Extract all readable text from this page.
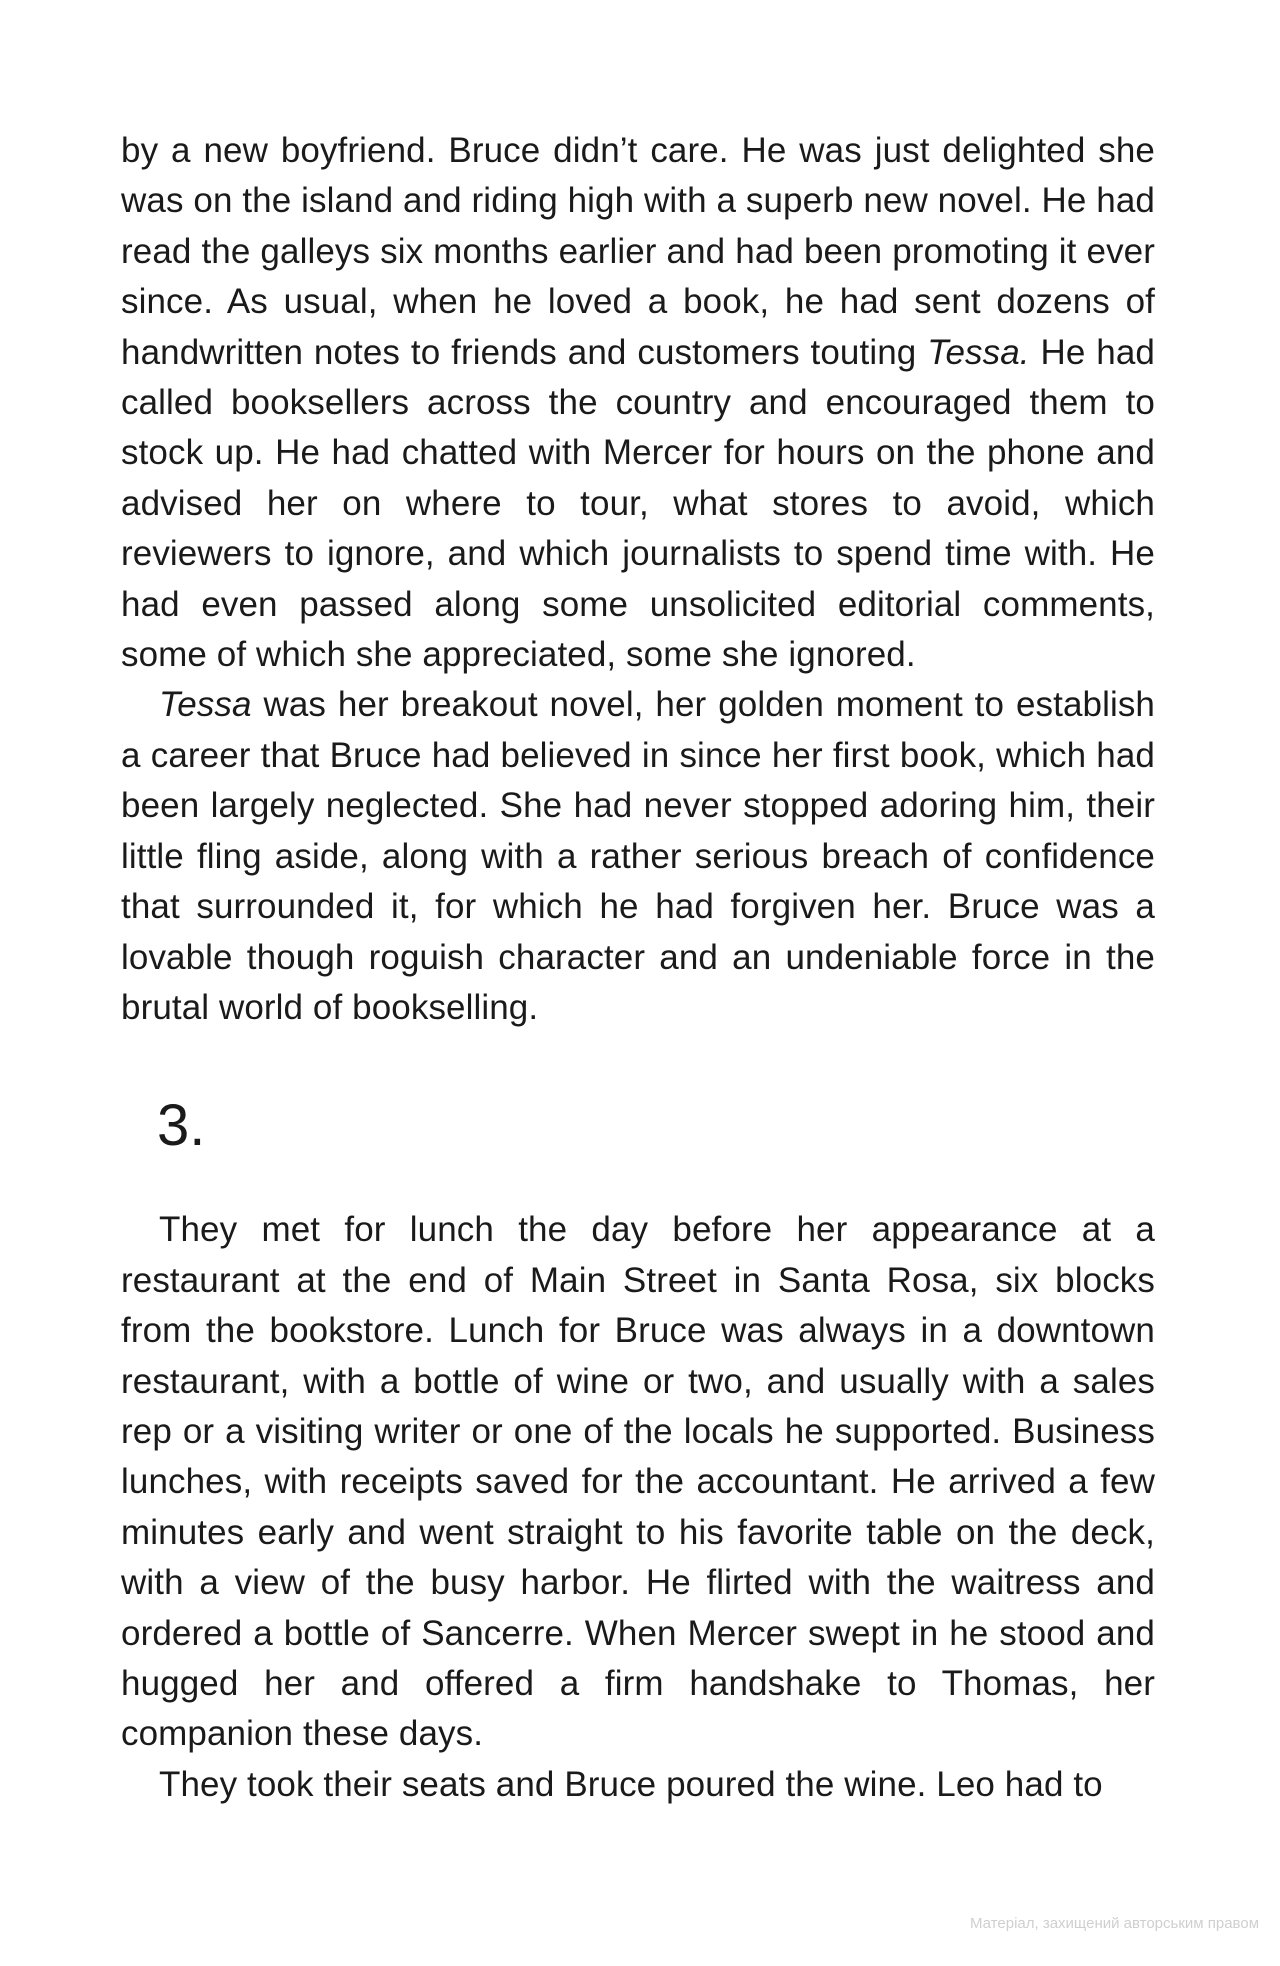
by a new boyfriend. Bruce didn’t care. He was just delighted she was on the island and riding high with a superb new novel. He had read the galleys six months earlier and had been promoting it ever since. As usual, when he loved a book, he had sent dozens of handwritten notes to friends and customers touting Tessa. He had called booksellers across the country and encouraged them to stock up. He had chatted with Mercer for hours on the phone and advised her on where to tour, what stores to avoid, which reviewers to ignore, and which journalists to spend time with. He had even passed along some unsolicited editorial comments, some of which she appreciated, some she ignored.

Tessa was her breakout novel, her golden moment to establish a career that Bruce had believed in since her first book, which had been largely neglected. She had never stopped adoring him, their little fling aside, along with a rather serious breach of confidence that surrounded it, for which he had forgiven her. Bruce was a lovable though roguish character and an undeniable force in the brutal world of bookselling.

3.

They met for lunch the day before her appearance at a restaurant at the end of Main Street in Santa Rosa, six blocks from the bookstore. Lunch for Bruce was always in a downtown restaurant, with a bottle of wine or two, and usually with a sales rep or a visiting writer or one of the locals he supported. Business lunches, with receipts saved for the accountant. He arrived a few minutes early and went straight to his favorite table on the deck, with a view of the busy harbor. He flirted with the waitress and ordered a bottle of Sancerre. When Mercer swept in he stood and hugged her and offered a firm handshake to Thomas, her companion these days.

They took their seats and Bruce poured the wine. Leo had to

Матеріал, захищений авторським правом
